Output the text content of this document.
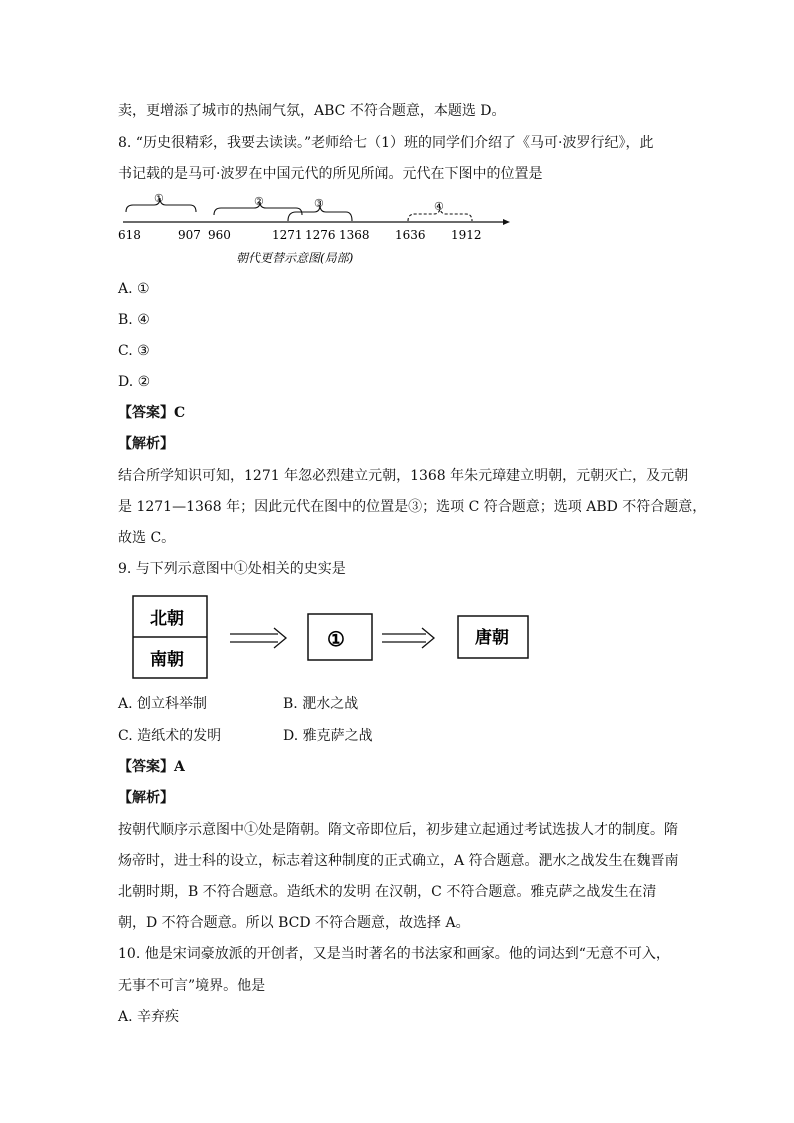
卖，更增添了城市的热闹气氛，ABC 不符合题意，本题选 D。
8. “历史很精彩，我要去读读。”老师给七（1）班的同学们介绍了《马可·波罗行纪》，此
书记载的是马可·波罗在中国元代的所见所闻。元代在下图中的位置是
①	②	③	④
618	907 960	1271 1276 1368 1636 1912
朝代更替示意图(局部)
A. ①
B. ④
C. ③
D. ②
【答案】C
【解析】
结合所学知识可知，1271 年忽必烈建立元朝，1368 年朱元璋建立明朝，元朝灭亡，及元朝
是 1271—1368 年；因此元代在图中的位置是③；选项 C 符合题意；选项 ABD 不符合题意，
故选 C。
9. 与下列示意图中①处相关的史实是
北朝
南朝
①	唐朝
A. 创立科举制	B. 淝水之战
C. 造纸术的发明	D. 雅克萨之战
【答案】A
【解析】
按朝代顺序示意图中①处是隋朝。隋文帝即位后，初步建立起通过考试选拔人才的制度。隋
炀帝时，进士科的设立，标志着这种制度的正式确立，A 符合题意。淝水之战发生在魏晋南
北朝时期，B 不符合题意。造纸术的发明 在汉朝，C 不符合题意。雅克萨之战发生在清
朝，D 不符合题意。所以 BCD 不符合题意，故选择 A。
10. 他是宋词豪放派的开创者，又是当时著名的书法家和画家。他的词达到“无意不可入，
无事不可言”境界。他是
A. 辛弃疾
